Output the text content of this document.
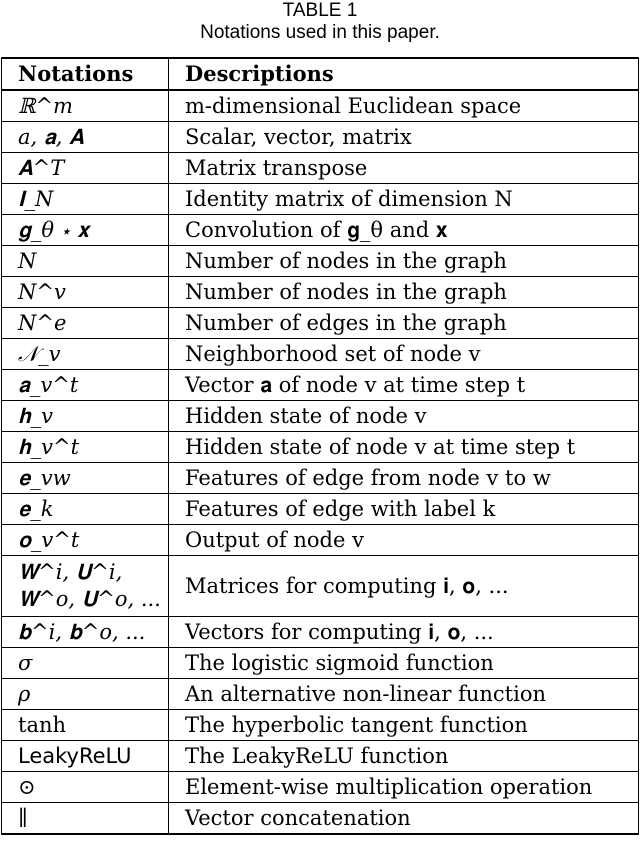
TABLE 1
Notations used in this paper.
Notations	Descriptions
ℝ^m	m-dimensional Euclidean space
a, 𝐚, 𝐀	Scalar, vector, matrix
𝐀^T	Matrix transpose
𝐈_N	Identity matrix of dimension N
𝐠_θ ⋆ 𝐱	Convolution of 𝐠_θ and 𝐱
N	Number of nodes in the graph
N^v	Number of nodes in the graph
N^e	Number of edges in the graph
𝒩_v	Neighborhood set of node v
𝐚_v^t	Vector 𝐚 of node v at time step t
𝐡_v	Hidden state of node v
𝐡_v^t	Hidden state of node v at time step t
𝐞_vw	Features of edge from node v to w
𝐞_k	Features of edge with label k
𝐨_v^t	Output of node v
𝐖^i, 𝐔^i, 𝐖^o, 𝐔^o, ...	Matrices for computing 𝐢, 𝐨, ...
𝐛^i, 𝐛^o, ...	Vectors for computing 𝐢, 𝐨, ...
σ	The logistic sigmoid function
ρ	An alternative non-linear function
tanh	The hyperbolic tangent function
LeakyReLU	The LeakyReLU function
⊙	Element-wise multiplication operation
∥	Vector concatenation
